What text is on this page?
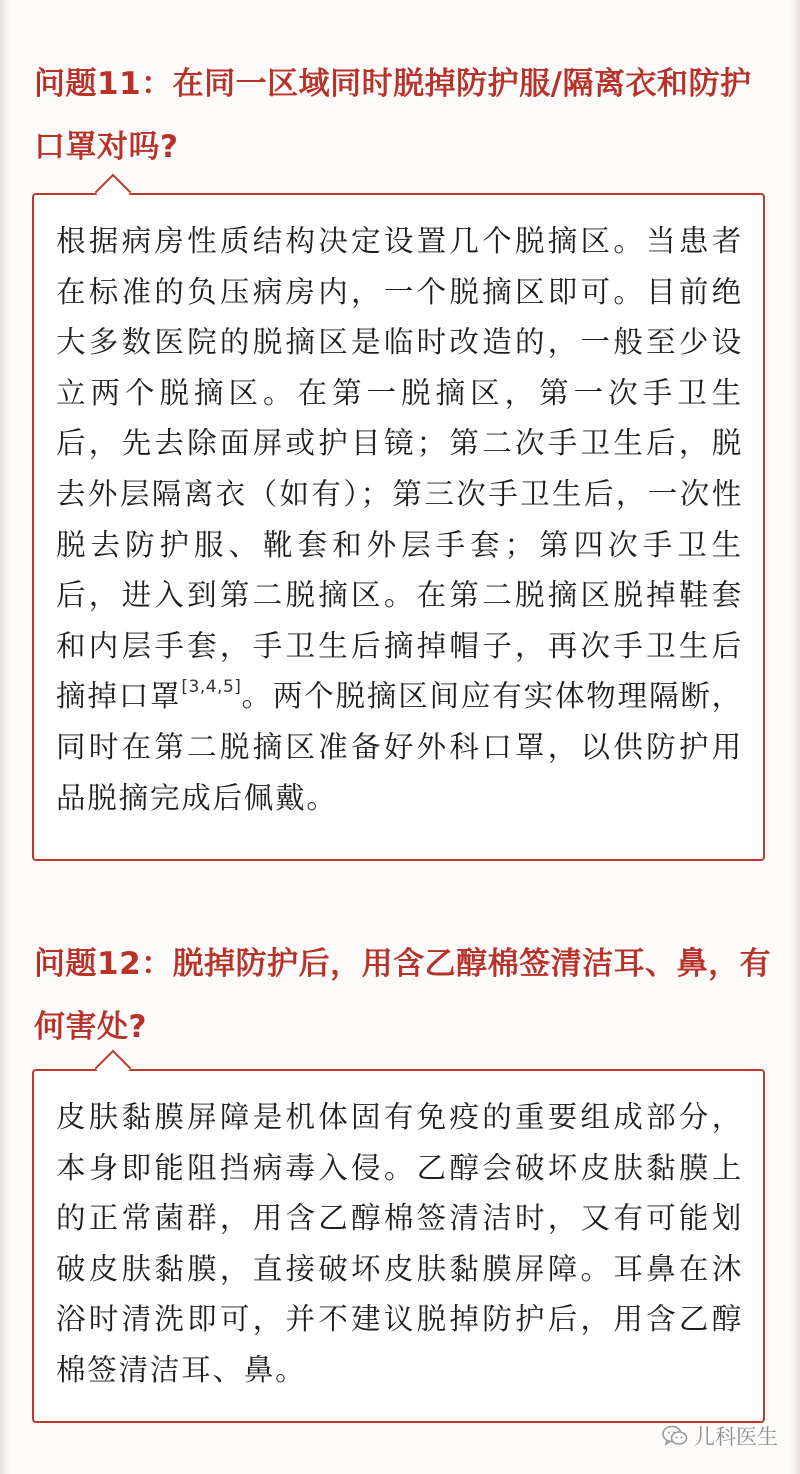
问题11：在同一区域同时脱掉防护服/隔离衣和防护口罩对吗?

根据病房性质结构决定设置几个脱摘区。当患者在标准的负压病房内，一个脱摘区即可。目前绝大多数医院的脱摘区是临时改造的，一般至少设立两个脱摘区。在第一脱摘区，第一次手卫生后，先去除面屏或护目镜；第二次手卫生后，脱去外层隔离衣（如有）；第三次手卫生后，一次性脱去防护服、靴套和外层手套；第四次手卫生后，进入到第二脱摘区。在第二脱摘区脱掉鞋套和内层手套，手卫生后摘掉帽子，再次手卫生后摘掉口罩[3,4,5]。两个脱摘区间应有实体物理隔断，同时在第二脱摘区准备好外科口罩，以供防护用品脱摘完成后佩戴。

问题12：脱掉防护后，用含乙醇棉签清洁耳、鼻，有何害处?

皮肤黏膜屏障是机体固有免疫的重要组成部分，本身即能阻挡病毒入侵。乙醇会破坏皮肤黏膜上的正常菌群，用含乙醇棉签清洁时，又有可能划破皮肤黏膜，直接破坏皮肤黏膜屏障。耳鼻在沐浴时清洗即可，并不建议脱掉防护后，用含乙醇棉签清洁耳、鼻。

儿科医生
